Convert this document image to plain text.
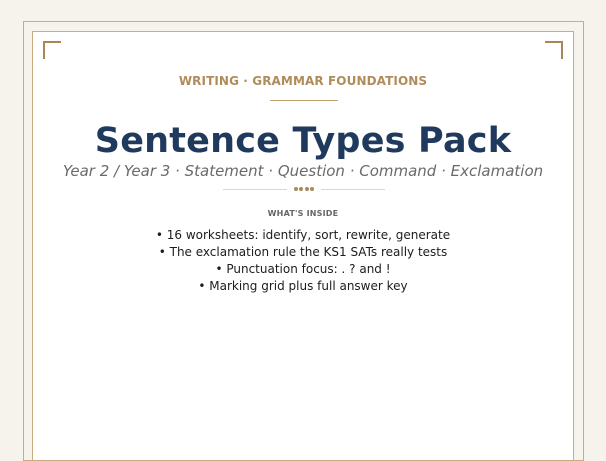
WRITING · GRAMMAR FOUNDATIONS
Sentence Types Pack
Year 2 / Year 3 · Statement · Question · Command · Exclamation
WHAT'S INSIDE
• 16 worksheets: identify, sort, rewrite, generate
• The exclamation rule the KS1 SATs really tests
• Punctuation focus: . ? and !
• Marking grid plus full answer key
